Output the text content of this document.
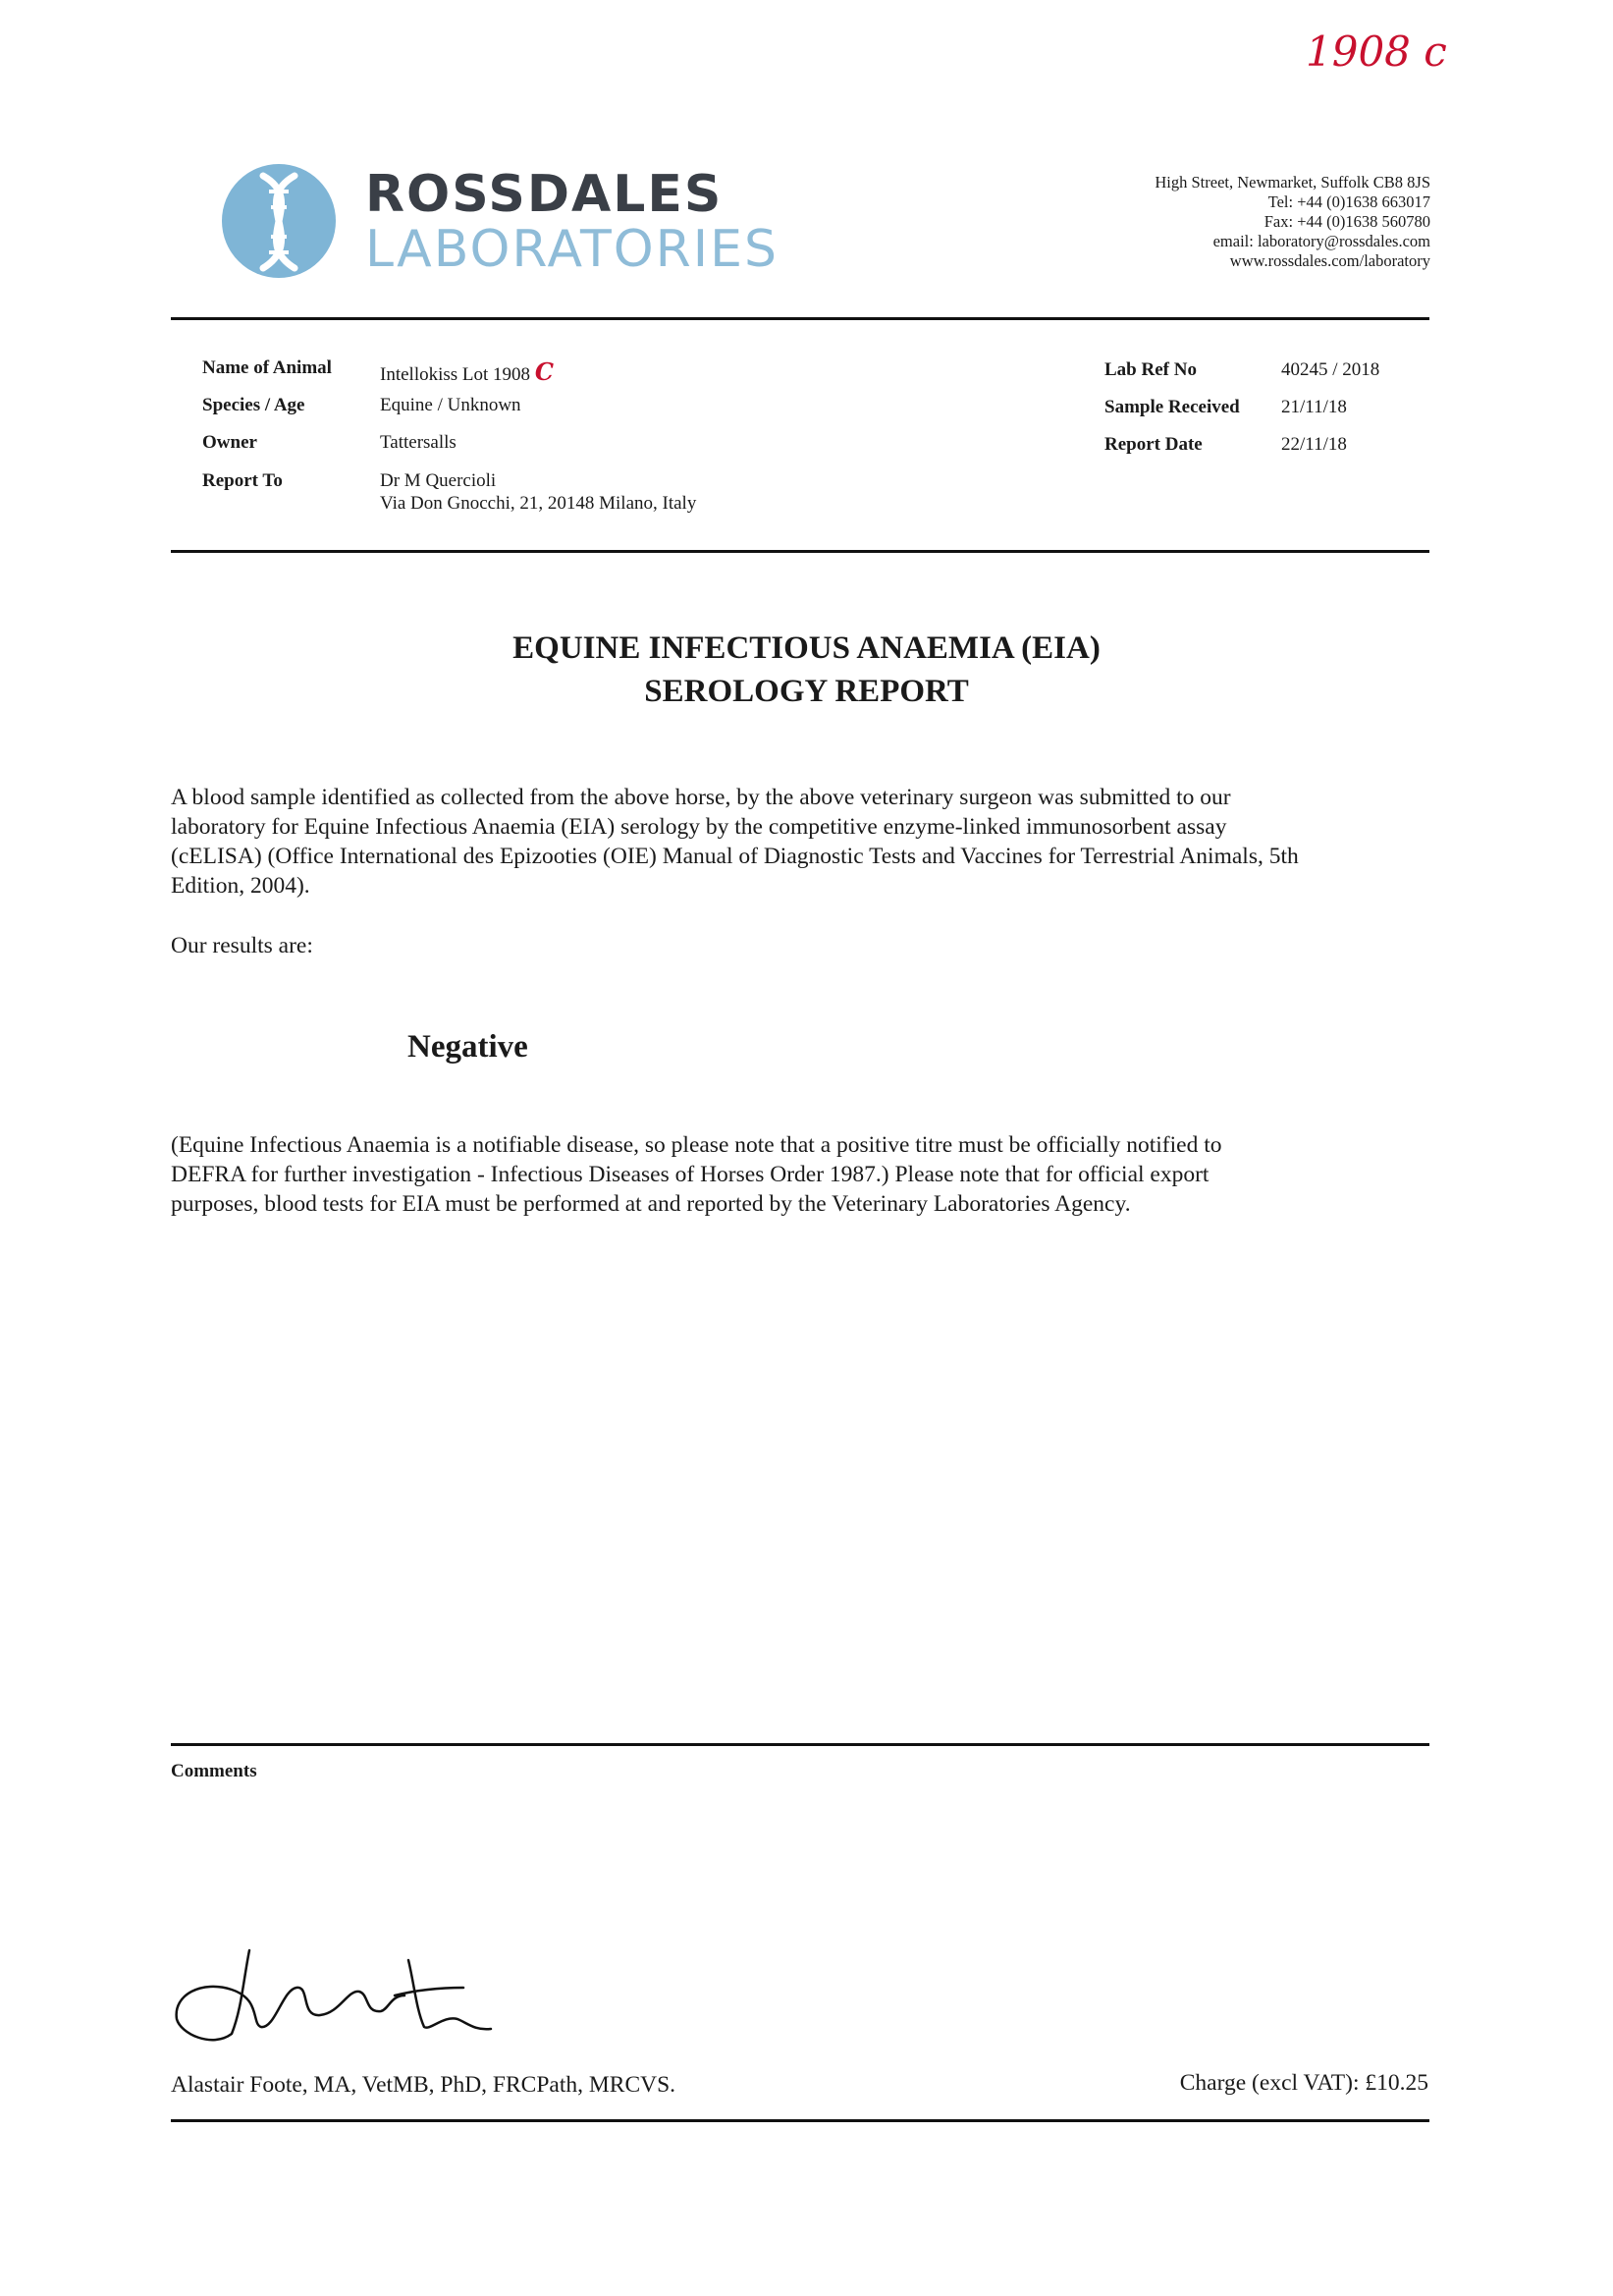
1908 c
ROSSDALES
LABORATORIES
High Street, Newmarket, Suffolk CB8 8JS
Tel: +44 (0)1638 663017
Fax: +44 (0)1638 560780
email: laboratory@rossdales.com
www.rossdales.com/laboratory
Name of Animal	Intellokiss Lot 1908 C
Species / Age	Equine / Unknown
Owner	Tattersalls
Report To	Dr M Quercioli
Via Don Gnocchi, 21, 20148 Milano, Italy
Lab Ref No	40245 / 2018
Sample Received 21/11/18
Report Date	22/11/18
EQUINE INFECTIOUS ANAEMIA (EIA)
SEROLOGY REPORT
A blood sample identified as collected from the above horse, by the above veterinary surgeon was submitted to our
laboratory for Equine Infectious Anaemia (EIA) serology by the competitive enzyme-linked immunosorbent assay
(cELISA) (Office International des Epizooties (OIE) Manual of Diagnostic Tests and Vaccines for Terrestrial Animals, 5th
Edition, 2004).
Our results are:
Negative
(Equine Infectious Anaemia is a notifiable disease, so please note that a positive titre must be officially notified to
DEFRA for further investigation - Infectious Diseases of Horses Order 1987.) Please note that for official export
purposes, blood tests for EIA must be performed at and reported by the Veterinary Laboratories Agency.
Comments
Alastair Foote, MA, VetMB, PhD, FRCPath, MRCVS.	Charge (excl VAT): £10.25
